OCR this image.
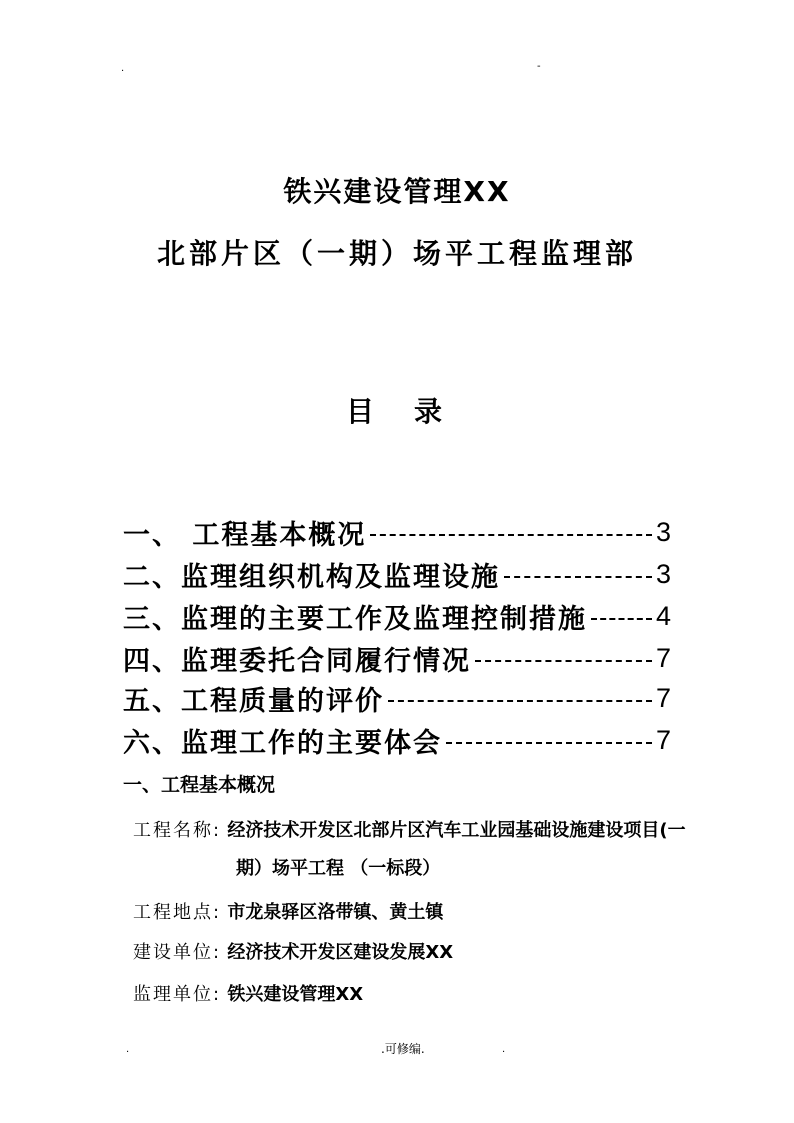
.	-
铁兴建设管理XX
北部片区（一期）场平工程监理部
目　录
一、 工程基本概况	3
二、监理组织机构及监理设施	3
三、监理的主要工作及监理控制措施	4
四、监理委托合同履行情况	7
五、工程质量的评价	7
六、监理工作的主要体会	7
一、工程基本概况
工程名称: 经济技术开发区北部片区汽车工业园基础设施建设项目(一
期）场平工程 （一标段）
工程地点: 市龙泉驿区洛带镇、黄土镇
建设单位: 经济技术开发区建设发展XX
监理单位: 铁兴建设管理XX
.	.可修编.	.
